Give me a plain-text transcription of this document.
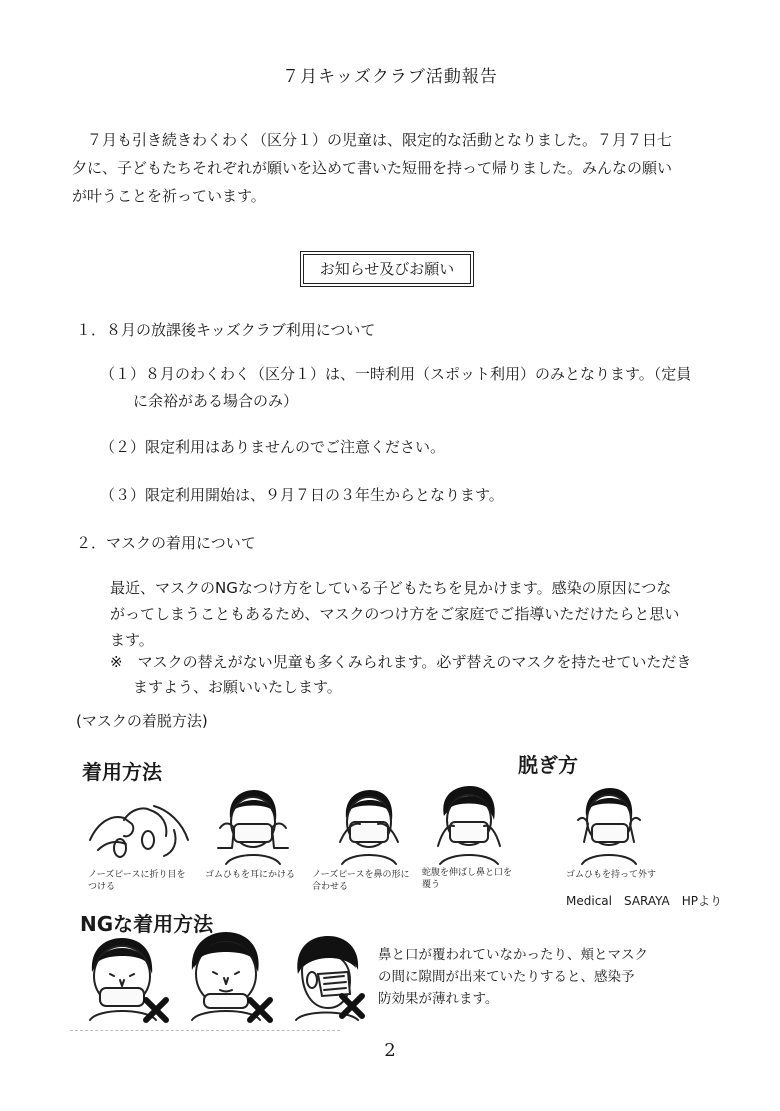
７月キッズクラブ活動報告
７月も引き続きわくわく（区分１）の児童は、限定的な活動となりました。７月７日七
夕に、子どもたちそれぞれが願いを込めて書いた短冊を持って帰りました。みんなの願い
が叶うことを祈っています。
お知らせ及びお願い
１．８月の放課後キッズクラブ利用について
（１）８月のわくわく（区分１）は、一時利用（スポット利用）のみとなります。（定員
に余裕がある場合のみ）
（２）限定利用はありませんのでご注意ください。
（３）限定利用開始は、９月７日の３年生からとなります。
２．マスクの着用について
最近、マスクのNGなつけ方をしている子どもたちを見かけます。感染の原因につな
がってしまうこともあるため、マスクのつけ方をご家庭でご指導いただけたらと思い
ます。
※　マスクの替えがない児童も多くみられます。必ず替えのマスクを持たせていただき
ますよう、お願いいたします。
(マスクの着脱方法)
着用方法	脱ぎ方
ノーズピースに折り目を
つける
ゴムひもを耳にかける ノーズピースを鼻の形に
合わせる
蛇腹を伸ばし鼻と口を
覆う
ゴムひもを持って外す
Medical　SARAYA　HPより
NGな着用方法
鼻と口が覆われていなかったり、頬とマスク
の間に隙間が出来ていたりすると、感染予
防効果が薄れます。
2
